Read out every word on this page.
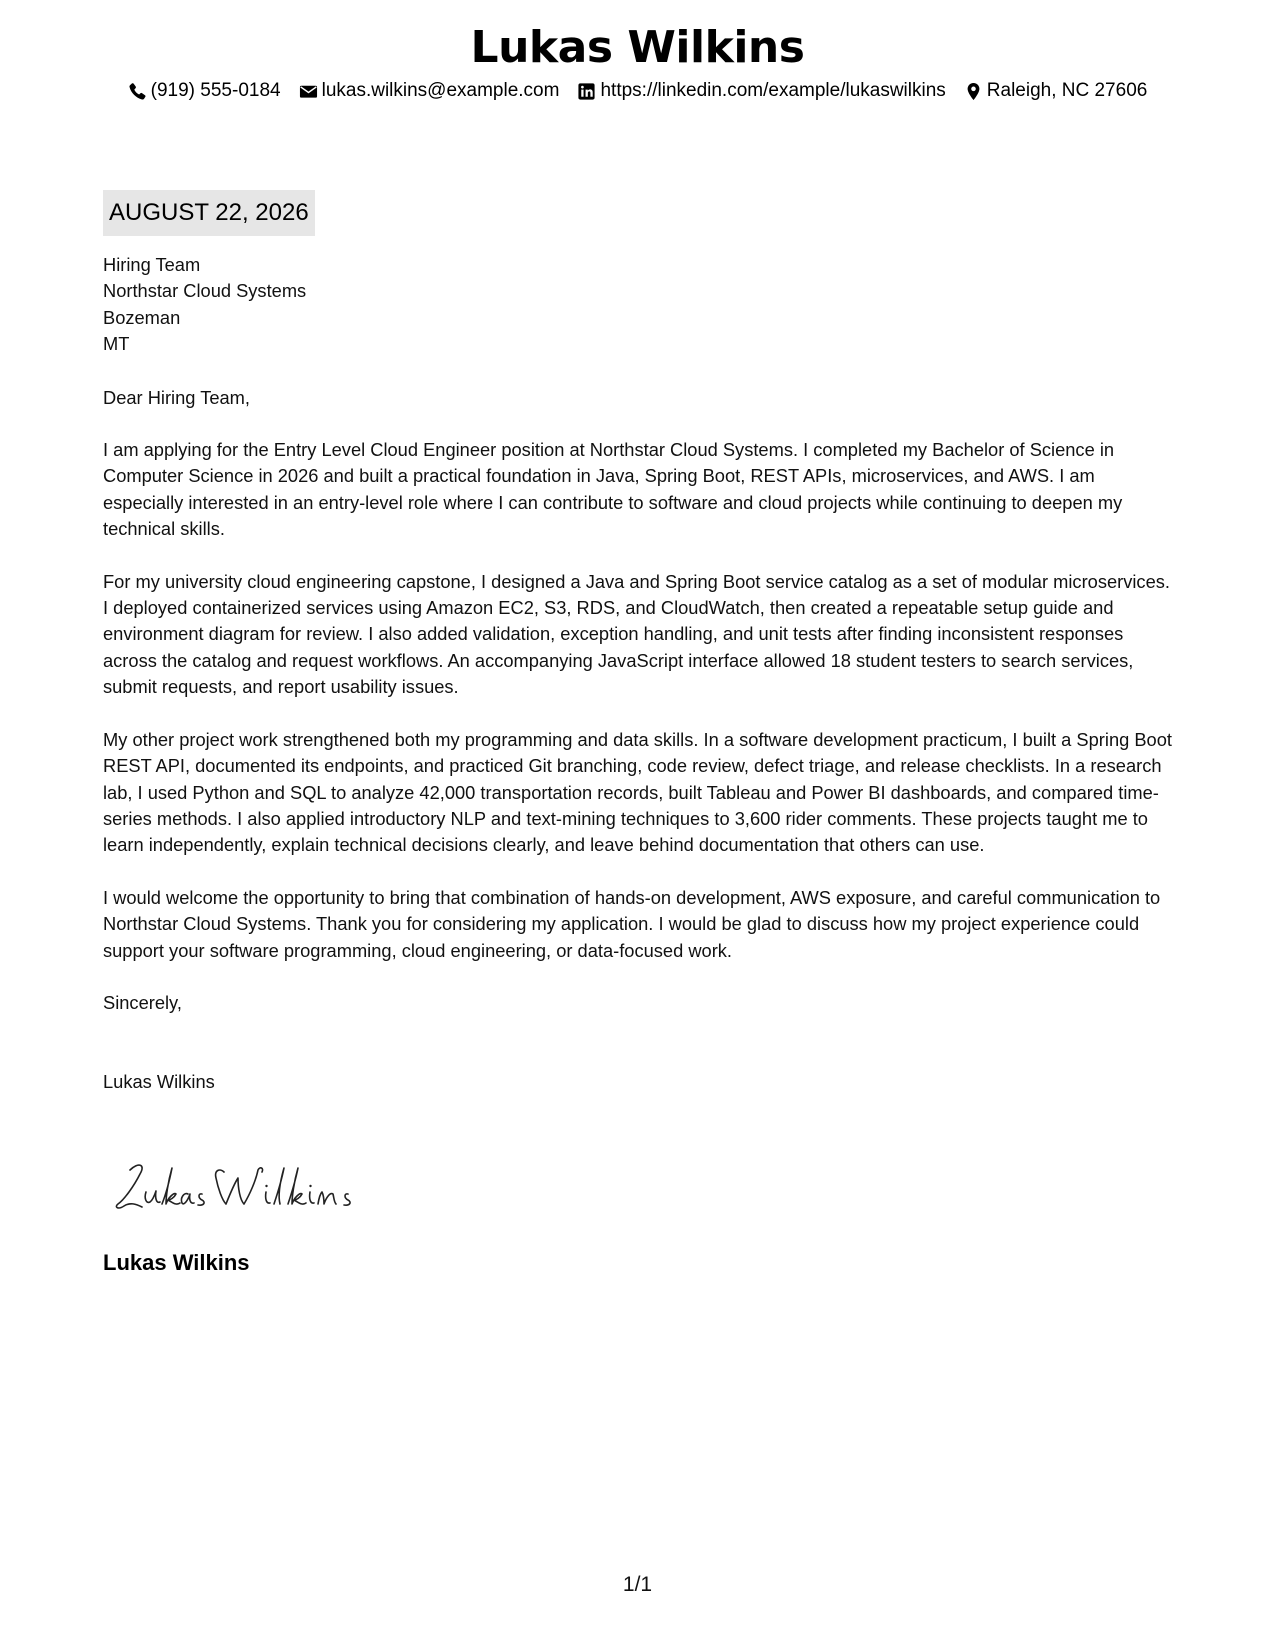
Lukas Wilkins
(919) 555-0184 lukas.wilkins@example.com https://linkedin.com/example/lukaswilkins Raleigh, NC 27606
AUGUST 22, 2026
Hiring Team
Northstar Cloud Systems
Bozeman
MT
Dear Hiring Team,

I am applying for the Entry Level Cloud Engineer position at Northstar Cloud Systems. I completed my Bachelor of Science in Computer Science in 2026 and built a practical foundation in Java, Spring Boot, REST APIs, microservices, and AWS. I am especially interested in an entry-level role where I can contribute to software and cloud projects while continuing to deepen my technical skills.

For my university cloud engineering capstone, I designed a Java and Spring Boot service catalog as a set of modular microservices. I deployed containerized services using Amazon EC2, S3, RDS, and CloudWatch, then created a repeatable setup guide and environment diagram for review. I also added validation, exception handling, and unit tests after finding inconsistent responses across the catalog and request workflows. An accompanying JavaScript interface allowed 18 student testers to search services, submit requests, and report usability issues.

My other project work strengthened both my programming and data skills. In a software development practicum, I built a Spring Boot REST API, documented its endpoints, and practiced Git branching, code review, defect triage, and release checklists. In a research lab, I used Python and SQL to analyze 42,000 transportation records, built Tableau and Power BI dashboards, and compared time-series methods. I also applied introductory NLP and text-mining techniques to 3,600 rider comments. These projects taught me to learn independently, explain technical decisions clearly, and leave behind documentation that others can use.

I would welcome the opportunity to bring that combination of hands-on development, AWS exposure, and careful communication to Northstar Cloud Systems. Thank you for considering my application. I would be glad to discuss how my project experience could support your software programming, cloud engineering, or data-focused work.

Sincerely,
Lukas Wilkins
Lukas Wilkins
1/1
